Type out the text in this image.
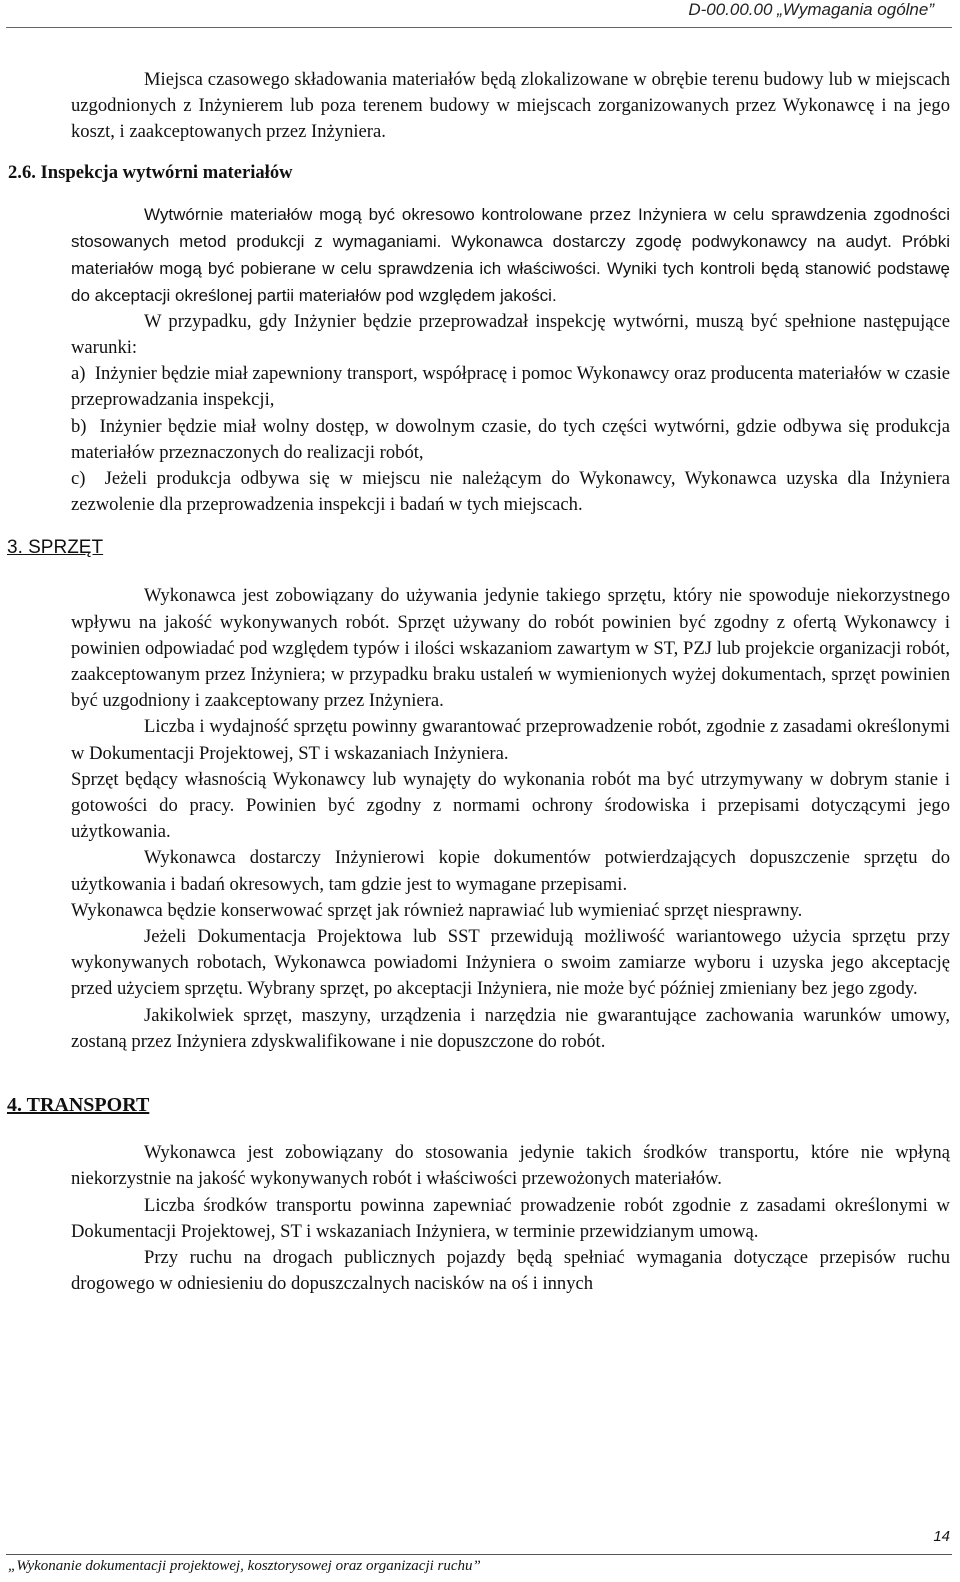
D-00.00.00 „Wymagania ogólne”

Miejsca czasowego składowania materiałów będą zlokalizowane w obrębie terenu budowy lub w miejscach uzgodnionych z Inżynierem lub poza terenem budowy w miejscach zorganizowanych przez Wykonawcę i na jego koszt, i zaakceptowanych przez Inżyniera.

2.6. Inspekcja wytwórni materiałów

Wytwórnie materiałów mogą być okresowo kontrolowane przez Inżyniera w celu sprawdzenia zgodności stosowanych metod produkcji z wymaganiami. Wykonawca dostarczy zgodę podwykonawcy na audyt. Próbki materiałów mogą być pobierane w celu sprawdzenia ich właściwości. Wyniki tych kontroli będą stanowić podstawę do akceptacji określonej partii materiałów pod względem jakości.

W przypadku, gdy Inżynier będzie przeprowadzał inspekcję wytwórni, muszą być spełnione następujące warunki:

a)  Inżynier będzie miał zapewniony transport, współpracę i pomoc Wykonawcy oraz producenta materiałów w czasie przeprowadzania inspekcji,

b)  Inżynier będzie miał wolny dostęp, w dowolnym czasie, do tych części wytwórni, gdzie odbywa się produkcja materiałów przeznaczonych do realizacji robót,

c)  Jeżeli produkcja odbywa się w miejscu nie należącym do Wykonawcy, Wykonawca uzyska dla Inżyniera zezwolenie dla przeprowadzenia inspekcji i badań w tych miejscach.

3. SPRZĘT

Wykonawca jest zobowiązany do używania jedynie takiego sprzętu, który nie spowoduje niekorzystnego wpływu na jakość wykonywanych robót. Sprzęt używany do robót powinien być zgodny z ofertą Wykonawcy i powinien odpowiadać pod względem typów i ilości wskazaniom zawartym w ST, PZJ lub projekcie organizacji robót, zaakceptowanym przez Inżyniera; w przypadku braku ustaleń w wymienionych wyżej dokumentach, sprzęt powinien być uzgodniony i zaakceptowany przez Inżyniera.

Liczba i wydajność sprzętu powinny gwarantować przeprowadzenie robót, zgodnie z zasadami określonymi w Dokumentacji Projektowej, ST i wskazaniach Inżyniera.

Sprzęt będący własnością Wykonawcy lub wynajęty do wykonania robót ma być utrzymywany w dobrym stanie i gotowości do pracy. Powinien być zgodny z normami ochrony środowiska i przepisami dotyczącymi jego użytkowania.

Wykonawca dostarczy Inżynierowi kopie dokumentów potwierdzających dopuszczenie sprzętu do użytkowania i badań okresowych, tam gdzie jest to wymagane przepisami.

Wykonawca będzie konserwować sprzęt jak również naprawiać lub wymieniać sprzęt niesprawny.

Jeżeli Dokumentacja Projektowa lub SST przewidują możliwość wariantowego użycia sprzętu przy wykonywanych robotach, Wykonawca powiadomi Inżyniera o swoim zamiarze wyboru i uzyska jego akceptację przed użyciem sprzętu. Wybrany sprzęt, po akceptacji Inżyniera, nie może być później zmieniany bez jego zgody.

Jakikolwiek sprzęt, maszyny, urządzenia i narzędzia nie gwarantujące zachowania warunków umowy, zostaną przez Inżyniera zdyskwalifikowane i nie dopuszczone do robót.

4. TRANSPORT

Wykonawca jest zobowiązany do stosowania jedynie takich środków transportu, które nie wpłyną niekorzystnie na jakość wykonywanych robót i właściwości przewożonych materiałów.

Liczba środków transportu powinna zapewniać prowadzenie robót zgodnie z zasadami określonymi w Dokumentacji Projektowej, ST i wskazaniach Inżyniera, w terminie przewidzianym umową.

Przy ruchu na drogach publicznych pojazdy będą spełniać wymagania dotyczące przepisów ruchu drogowego w odniesieniu do dopuszczalnych nacisków na oś i innych

14
„Wykonanie dokumentacji projektowej, kosztorysowej oraz organizacji ruchu”
